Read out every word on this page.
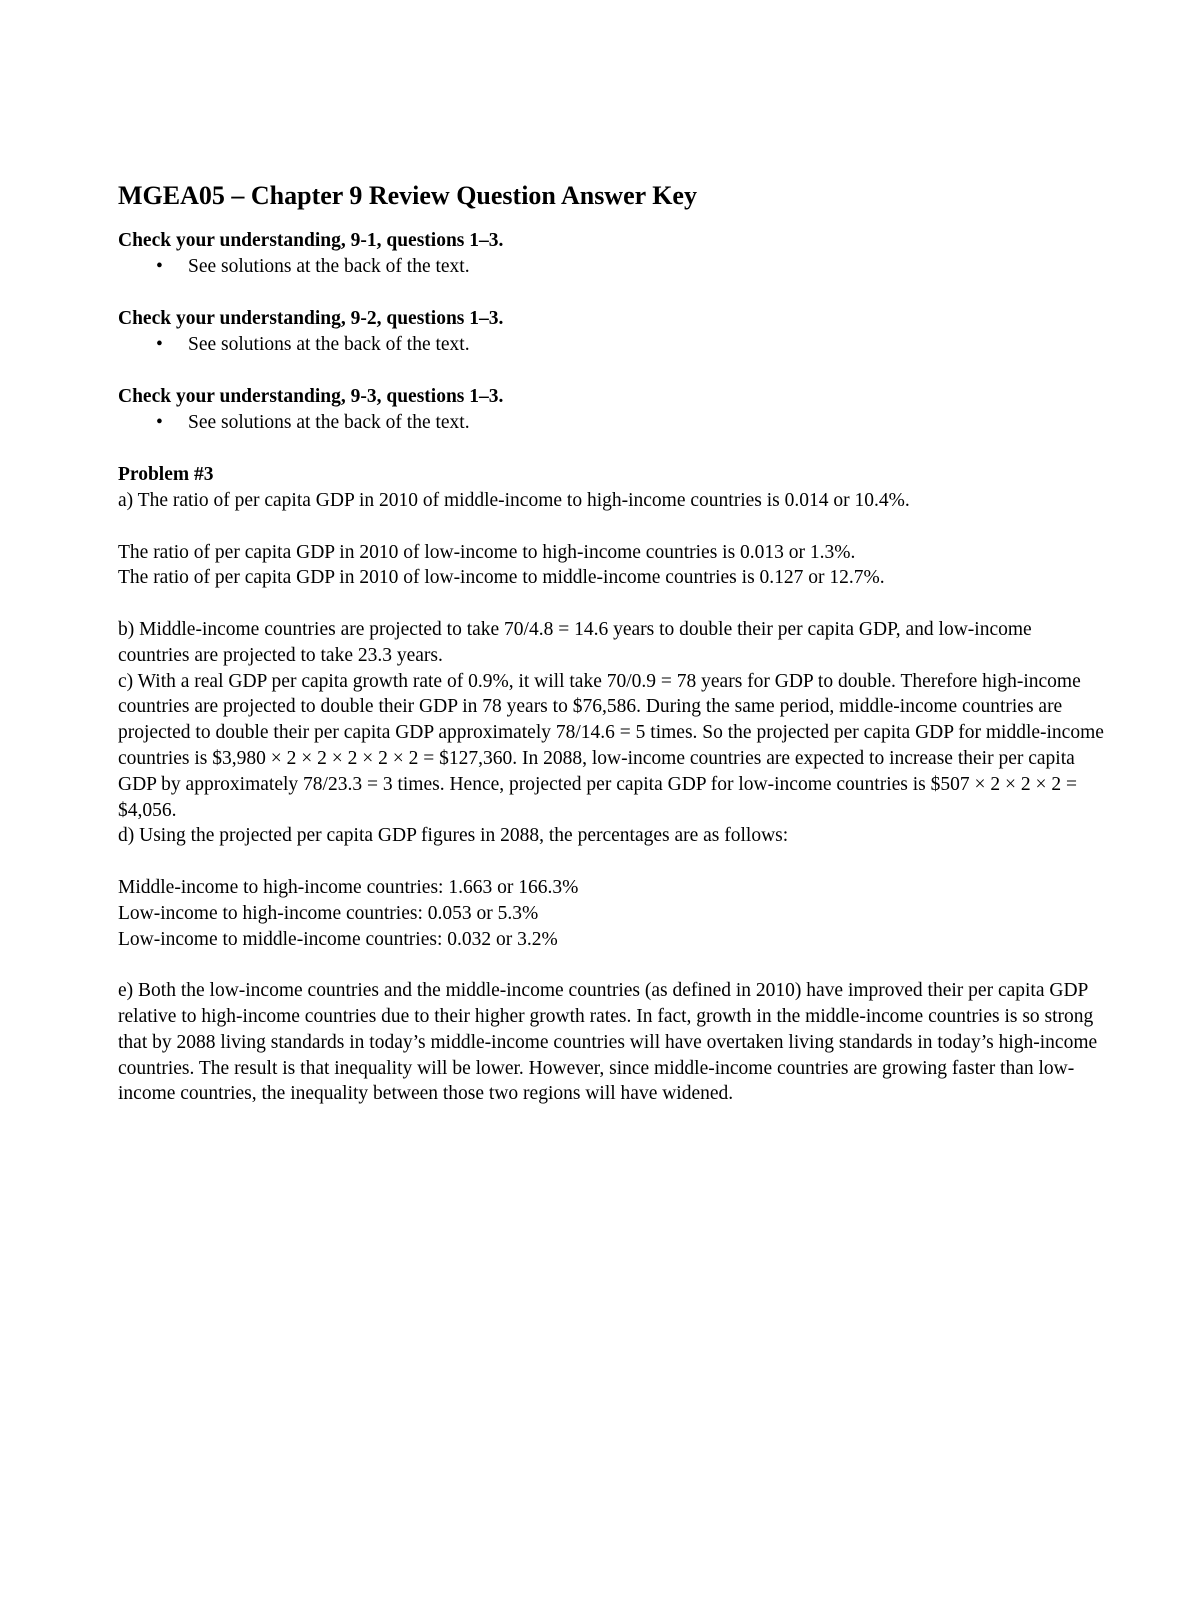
MGEA05 – Chapter 9 Review Question Answer Key

Check your understanding, 9-1, questions 1–3.

• See solutions at the back of the text.

Check your understanding, 9-2, questions 1–3.

• See solutions at the back of the text.

Check your understanding, 9-3, questions 1–3.

• See solutions at the back of the text.

Problem #3

a) The ratio of per capita GDP in 2010 of middle-income to high-income countries is 0.014 or 10.4%.

The ratio of per capita GDP in 2010 of low-income to high-income countries is 0.013 or 1.3%.

The ratio of per capita GDP in 2010 of low-income to middle-income countries is 0.127 or 12.7%.

b) Middle-income countries are projected to take 70/4.8 = 14.6 years to double their per capita GDP, and low-income countries are projected to take 23.3 years.

c) With a real GDP per capita growth rate of 0.9%, it will take 70/0.9 = 78 years for GDP to double. Therefore high-income countries are projected to double their GDP in 78 years to $76,586. During the same period, middle-income countries are projected to double their per capita GDP approximately 78/14.6 = 5 times. So the projected per capita GDP for middle-income countries is $3,980 × 2 × 2 × 2 × 2 × 2 = $127,360. In 2088, low-income countries are expected to increase their per capita GDP by approximately 78/23.3 = 3 times. Hence, projected per capita GDP for low-income countries is $507 × 2 × 2 × 2 = $4,056.

d) Using the projected per capita GDP figures in 2088, the percentages are as follows:

Middle-income to high-income countries: 1.663 or 166.3%

Low-income to high-income countries: 0.053 or 5.3%

Low-income to middle-income countries: 0.032 or 3.2%

e) Both the low-income countries and the middle-income countries (as defined in 2010) have improved their per capita GDP relative to high-income countries due to their higher growth rates. In fact, growth in the middle-income countries is so strong that by 2088 living standards in today’s middle-income countries will have overtaken living standards in today’s high-income countries. The result is that inequality will be lower. However, since middle-income countries are growing faster than low-income countries, the inequality between those two regions will have widened.
